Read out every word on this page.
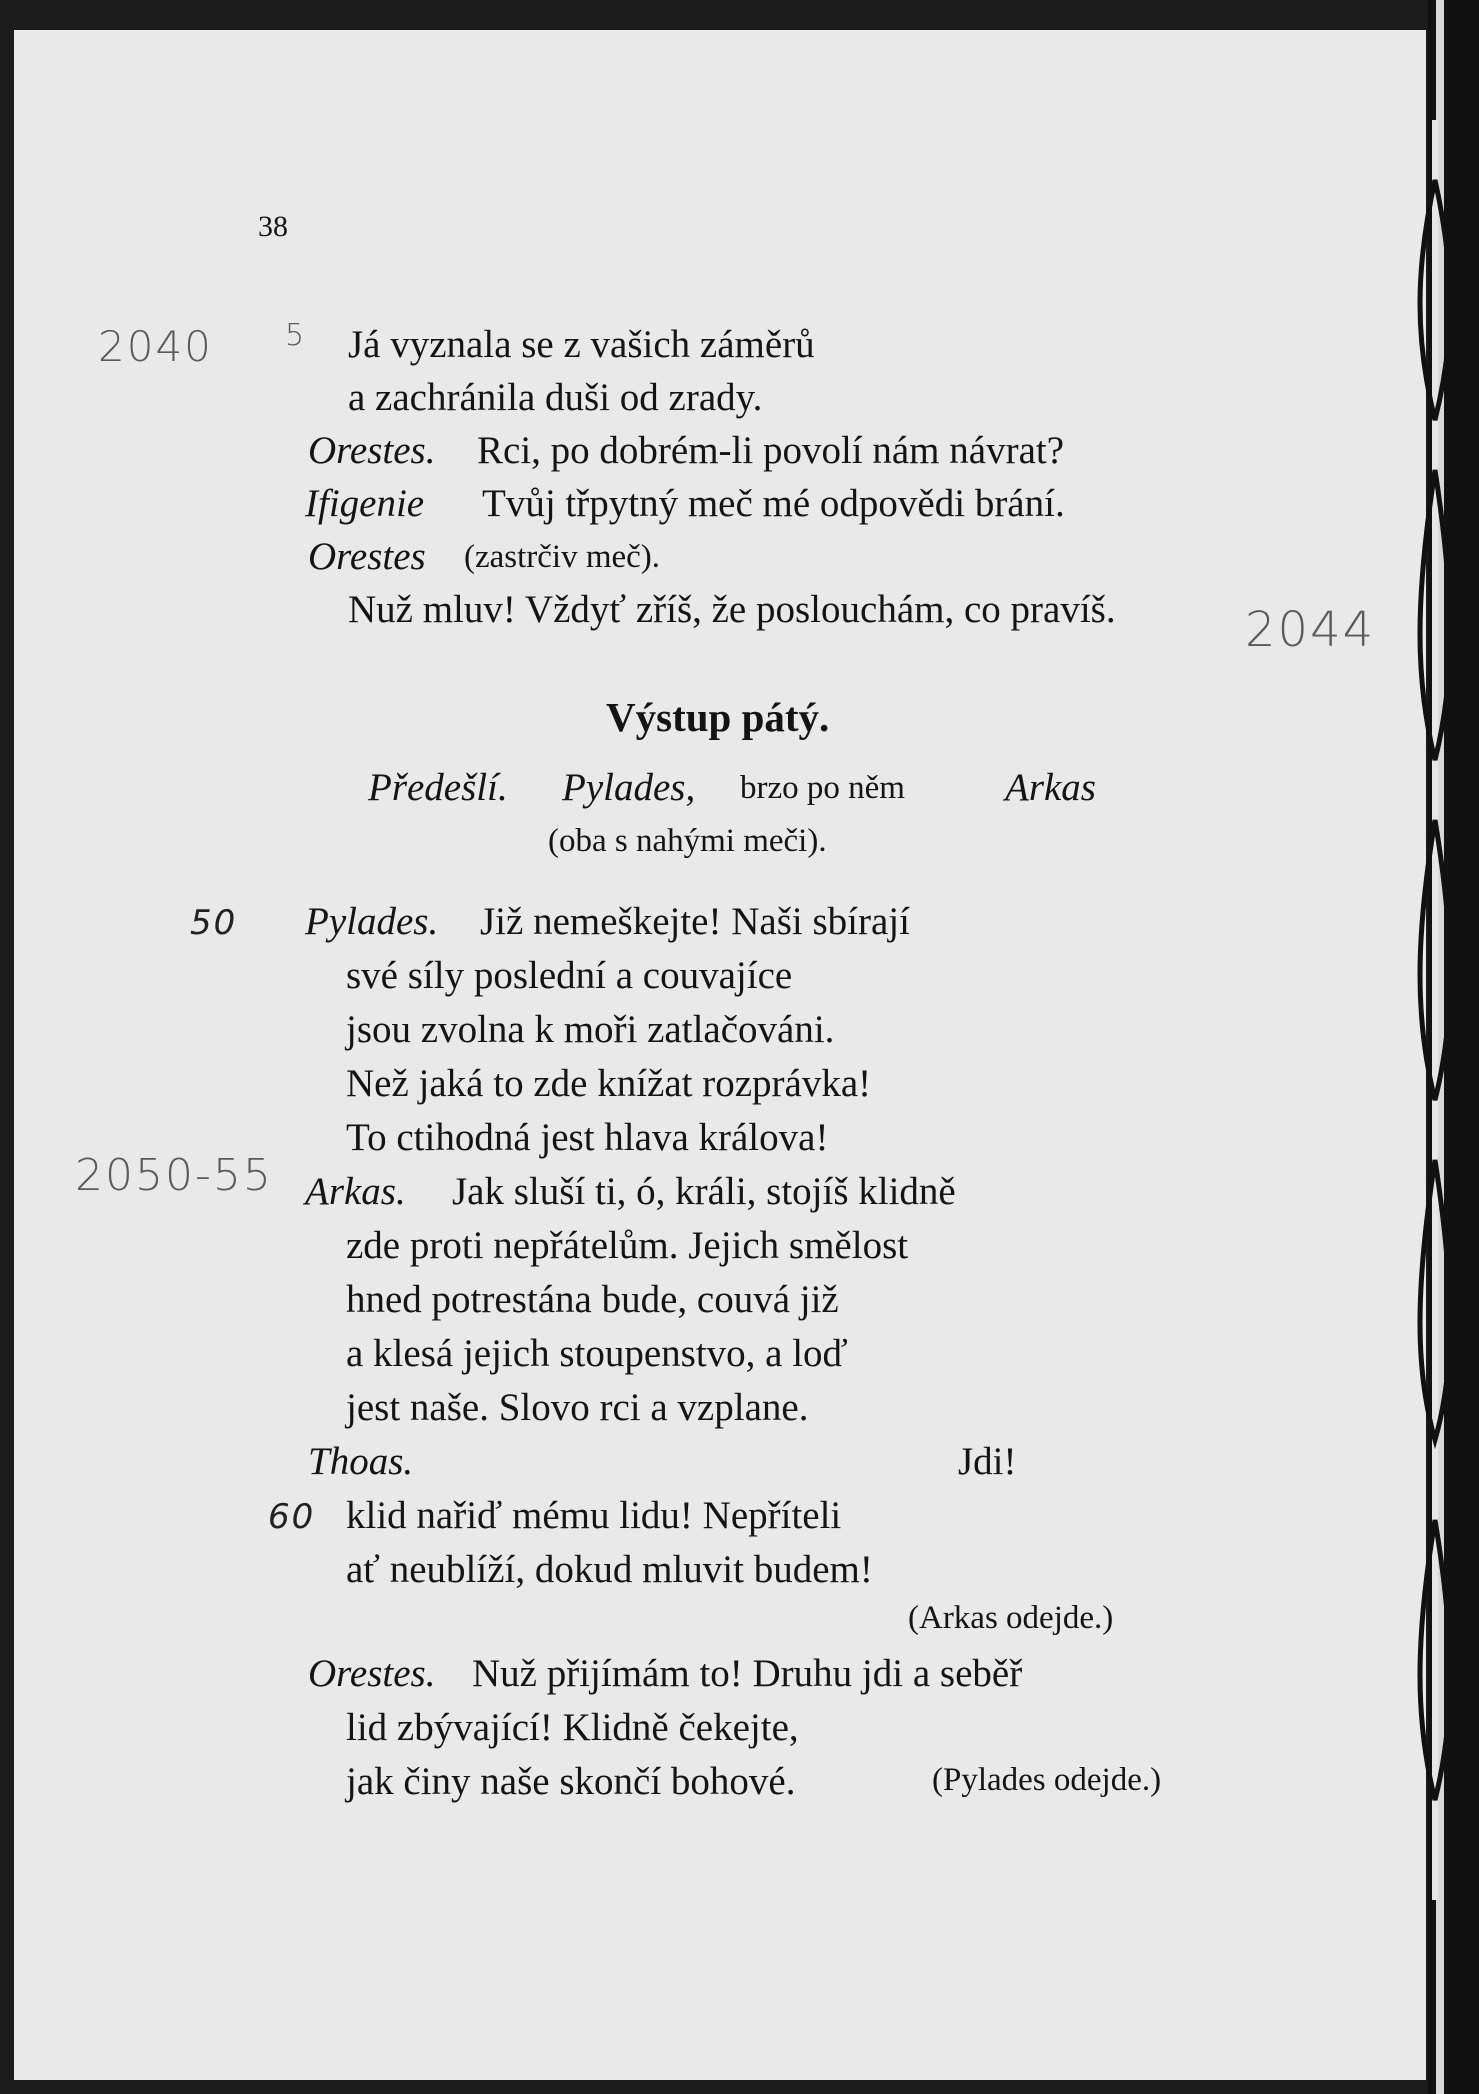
38
2040 5
2044
50
2050-55
60
Já vyznala se z vašich záměrů
a zachránila duši od zrady.
Orestes. Rci, po dobrém-li povolí nám návrat?
Ifigenie Tvůj třpytný meč mé odpovědi brání.
Orestes (zastrčiv meč).
Nuž mluv! Vždyť zříš, že poslouchám, co pravíš.
Výstup pátý.
Předešlí. Pylades, brzo po něm	Arkas
(oba s nahými meči).
Pylades. Již nemeškejte! Naši sbírají
své síly poslední a couvajíce
jsou zvolna k moři zatlačováni.
Než jaká to zde knížat rozprávka!
To ctihodná jest hlava králova!
Arkas. Jak sluší ti, ó, králi, stojíš klidně
zde proti nepřátelům. Jejich smělost
hned potrestána bude, couvá již
a klesá jejich stoupenstvo, a loď
jest naše. Slovo rci a vzplane.
Thoas.	Jdi!
klid nařiď mému lidu! Nepříteli
ať neublíží, dokud mluvit budem!
(Arkas odejde.)
Orestes. Nuž přijímám to! Druhu jdi a seběř
lid zbývající! Klidně čekejte,
jak činy naše skončí bohové.	(Pylades odejde.)
